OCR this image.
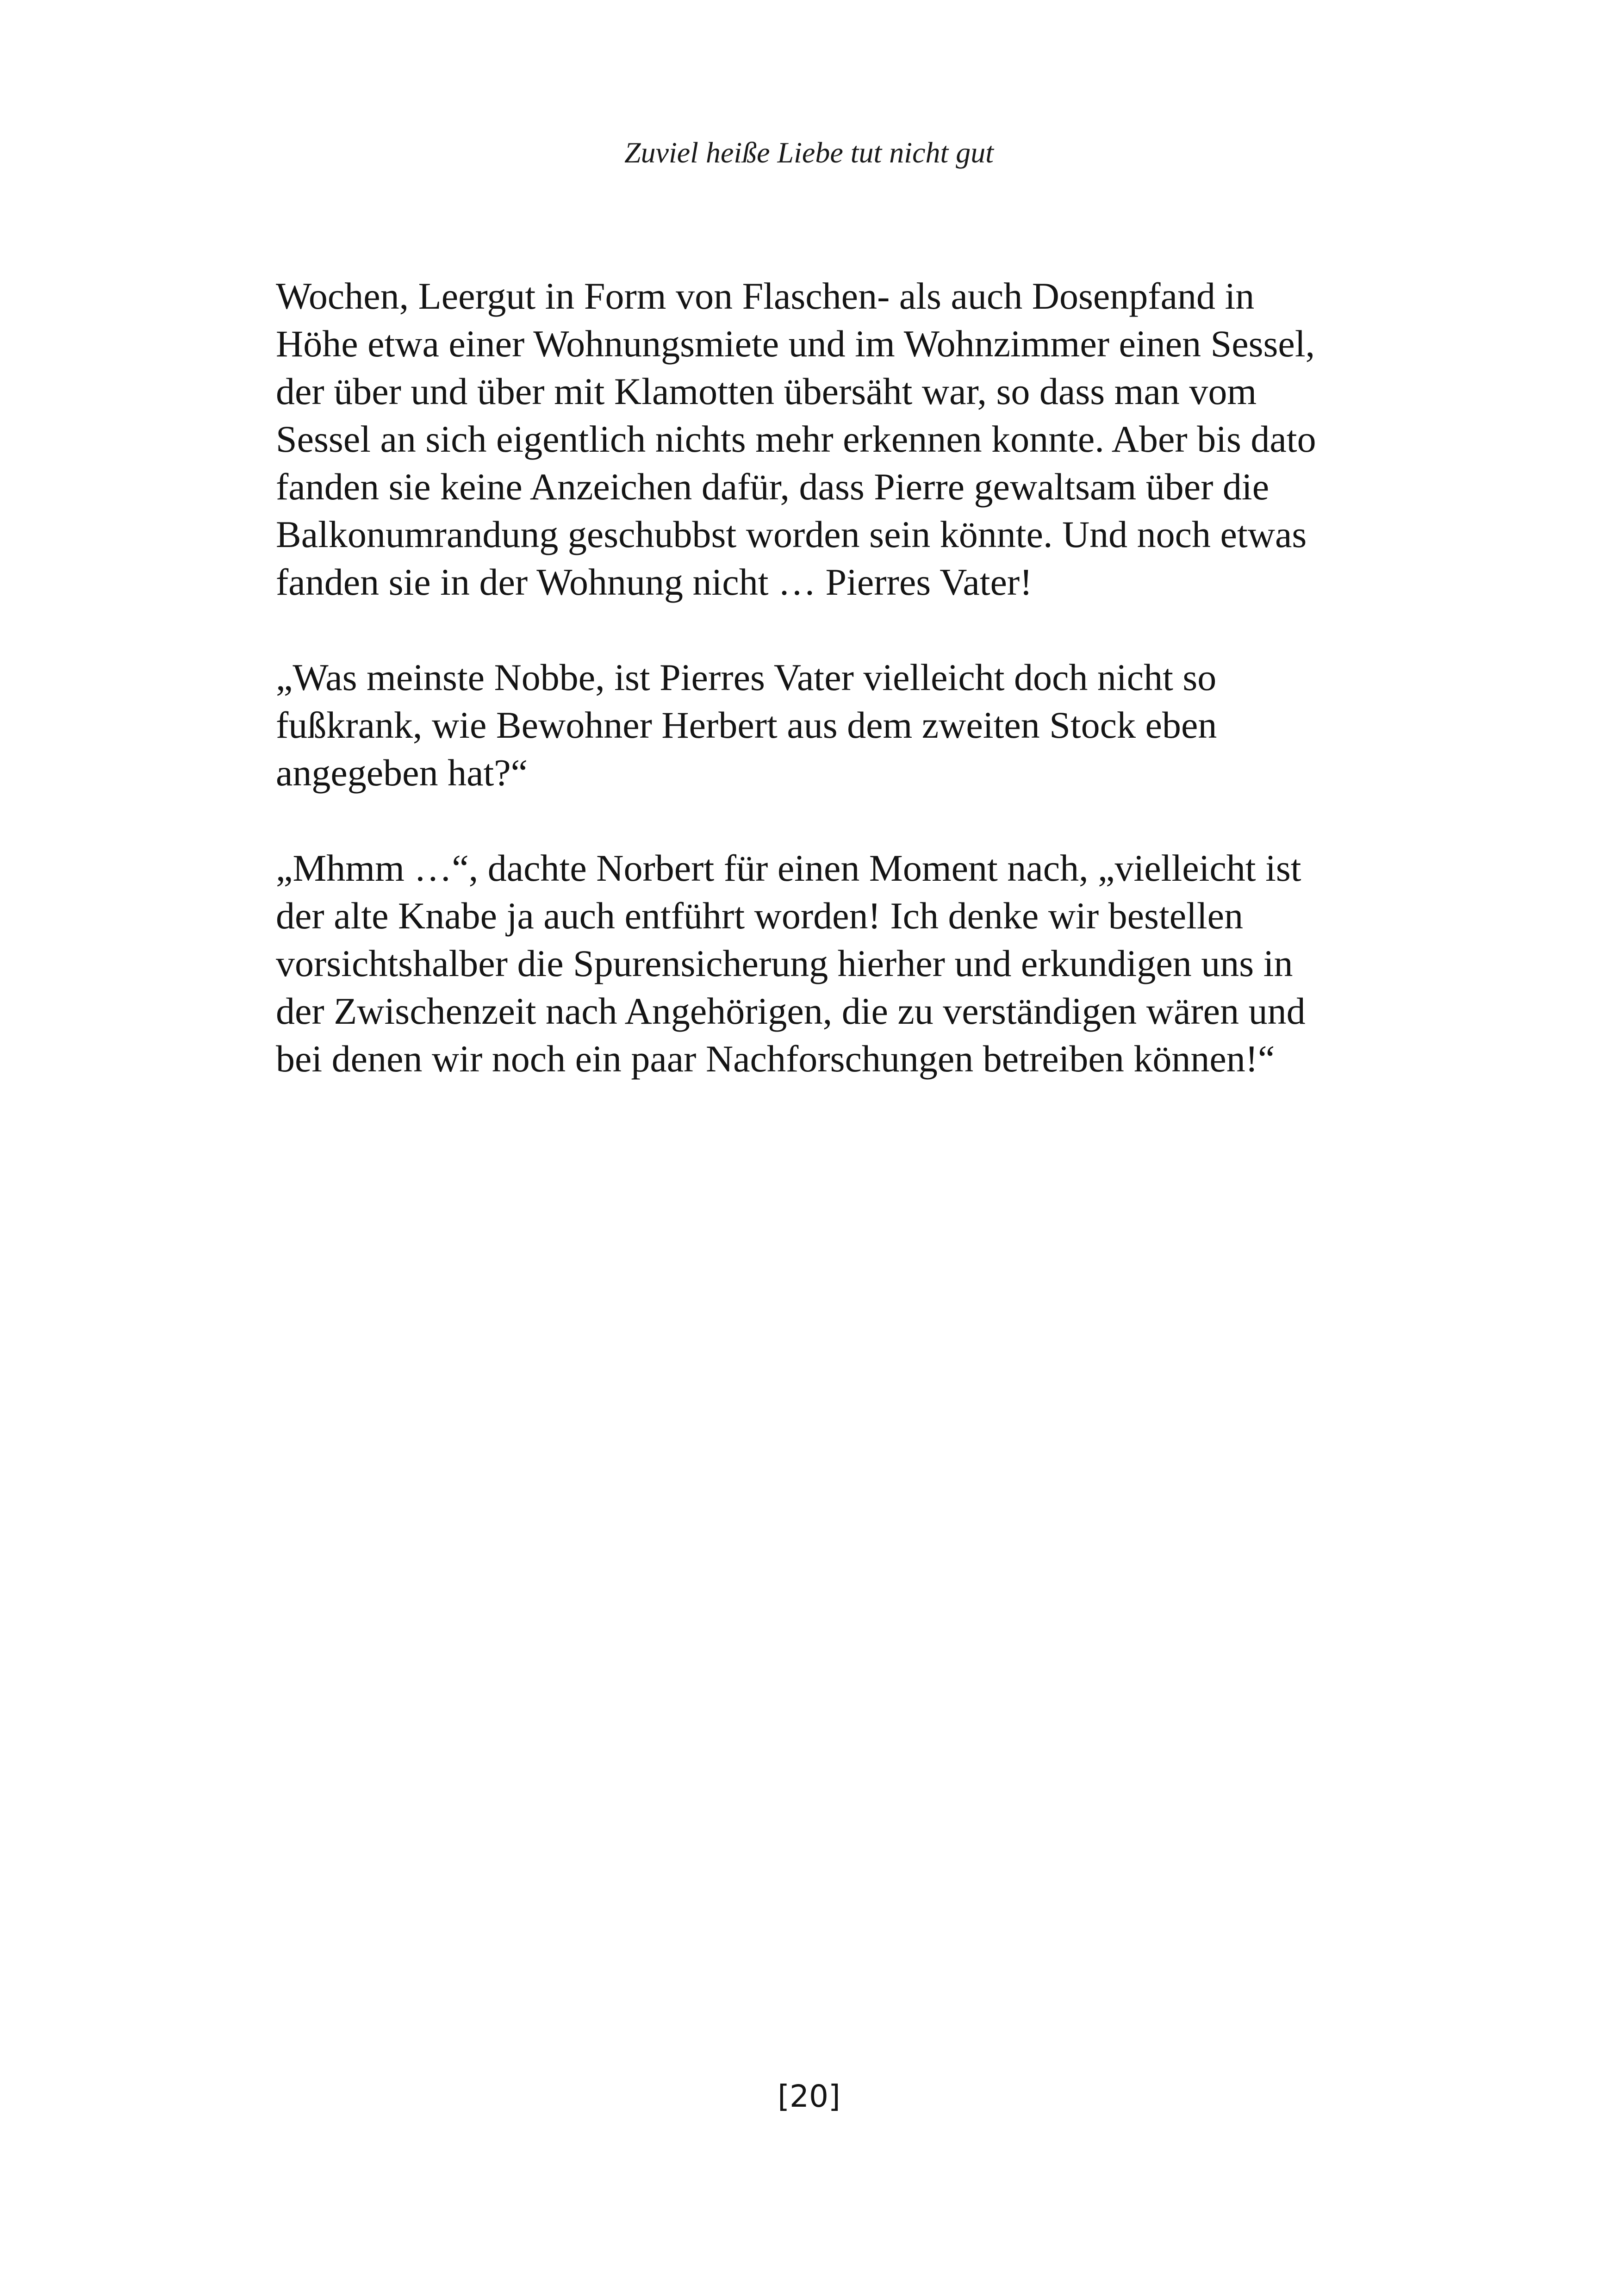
Zuviel heiße Liebe tut nicht gut

Wochen, Leergut in Form von Flaschen- als auch Dosenpfand in
Höhe etwa einer Wohnungsmiete und im Wohnzimmer einen Sessel,
der über und über mit Klamotten übersäht war, so dass man vom
Sessel an sich eigentlich nichts mehr erkennen konnte. Aber bis dato
fanden sie keine Anzeichen dafür, dass Pierre gewaltsam über die
Balkonumrandung geschubbst worden sein könnte. Und noch etwas
fanden sie in der Wohnung nicht … Pierres Vater!

„Was meinste Nobbe, ist Pierres Vater vielleicht doch nicht so
fußkrank, wie Bewohner Herbert aus dem zweiten Stock eben
angegeben hat?“

„Mhmm …“, dachte Norbert für einen Moment nach, „vielleicht ist
der alte Knabe ja auch entführt worden! Ich denke wir bestellen
vorsichtshalber die Spurensicherung hierher und erkundigen uns in
der Zwischenzeit nach Angehörigen, die zu verständigen wären und
bei denen wir noch ein paar Nachforschungen betreiben können!“

[20]
